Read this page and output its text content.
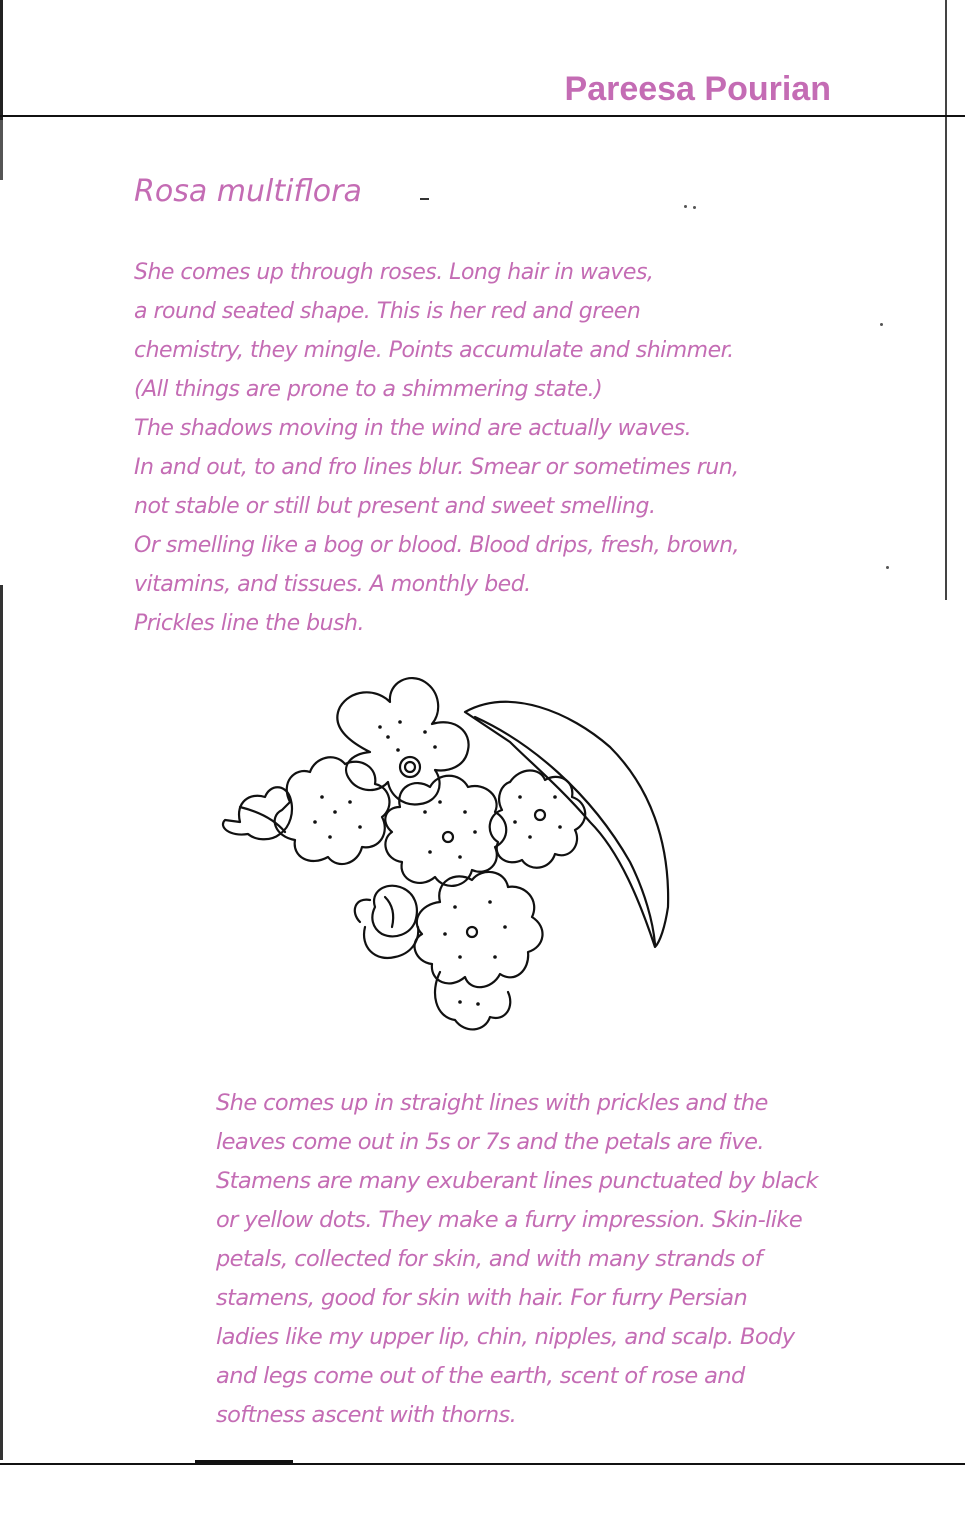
Pareesa Pourian
Rosa multiflora

She comes up through roses. Long hair in waves,
a round seated shape. This is her red and green
chemistry, they mingle. Points accumulate and shimmer.
(All things are prone to a shimmering state.)
The shadows moving in the wind are actually waves.
In and out, to and fro lines blur. Smear or sometimes run,
not stable or still but present and sweet smelling.
Or smelling like a bog or blood. Blood drips, fresh, brown,
vitamins, and tissues. A monthly bed.
Prickles line the bush.

She comes up in straight lines with prickles and the
leaves come out in 5s or 7s and the petals are five.
Stamens are many exuberant lines punctuated by black
or yellow dots. They make a furry impression. Skin-like
petals, collected for skin, and with many strands of
stamens, good for skin with hair. For furry Persian
ladies like my upper lip, chin, nipples, and scalp. Body
and legs come out of the earth, scent of rose and
softness ascent with thorns.
